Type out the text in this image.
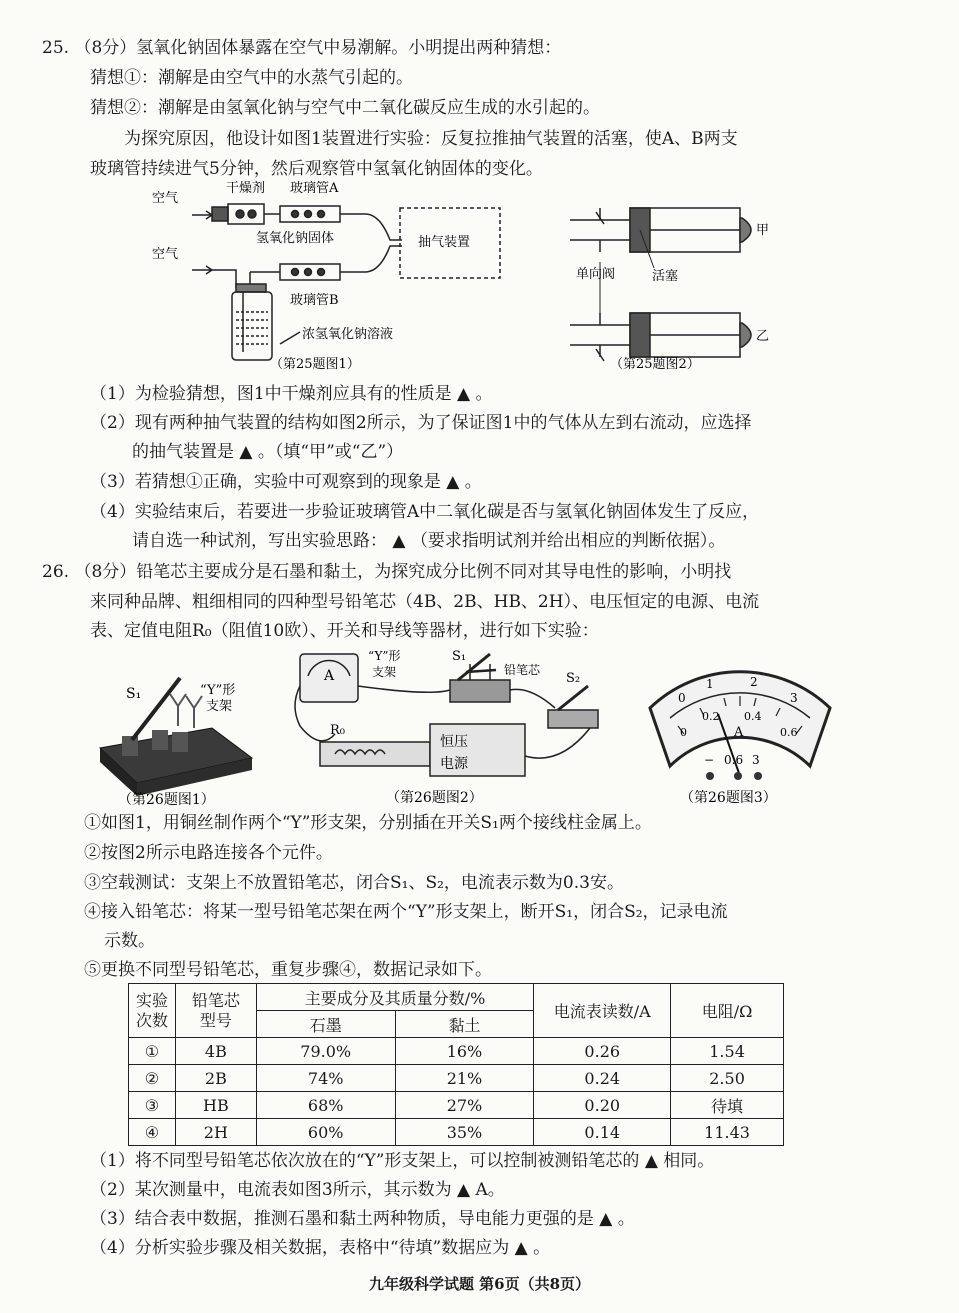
25. （8分）氢氧化钠固体暴露在空气中易潮解。小明提出两种猜想：
猜想①：潮解是由空气中的水蒸气引起的。
猜想②：潮解是由氢氧化钠与空气中二氧化碳反应生成的水引起的。
为探究原因，他设计如图1装置进行实验：反复拉推抽气装置的活塞，使A、B两支
玻璃管持续进气5分钟，然后观察管中氢氧化钠固体的变化。
空气
空气
干燥剂 玻璃管A
氢氧化钠固体	抽气装置
玻璃管B
浓氢氧化钠溶液
（第25题图1）
甲
乙
单向阀	活塞
（第25题图2）
（1）为检验猜想，图1中干燥剂应具有的性质是 ▲ 。
（2）现有两种抽气装置的结构如图2所示，为了保证图1中的气体从左到右流动，应选择
的抽气装置是 ▲ 。（填“甲”或“乙”）
（3）若猜想①正确，实验中可观察到的现象是 ▲ 。
（4）实验结束后，若要进一步验证玻璃管A中二氧化碳是否与氢氧化钠固体发生了反应，
请自选一种试剂，写出实验思路： ▲ （要求指明试剂并给出相应的判断依据）。
26. （8分）铅笔芯主要成分是石墨和黏土，为探究成分比例不同对其导电性的影响，小明找
来同种品牌、粗细相同的四种型号铅笔芯（4B、2B、HB、2H）、电压恒定的电源、电流
表、定值电阻R₀（阻值10欧）、开关和导线等器材，进行如下实验：
S₁	“Y”形
支架
（第26题图1）
A
“Y”形
支架
S₁
铅笔芯
S₂
R₀
恒压
电源
（第26题图2）
0
1	2
3
0
0.2 0.4
0.6
A
− 0.6 3
（第26题图3）
①如图1，用铜丝制作两个“Y”形支架，分别插在开关S₁两个接线柱金属上。
②按图2所示电路连接各个元件。
③空载测试：支架上不放置铅笔芯，闭合S₁、S₂，电流表示数为0.3安。
④接入铅笔芯：将某一型号铅笔芯架在两个“Y”形支架上，断开S₁，闭合S₂，记录电流
示数。
⑤更换不同型号铅笔芯，重复步骤④，数据记录如下。
实验
次数	铅笔芯
型号	主要成分及其质量分数/%		电流表读数/A	电阻/Ω
		石墨	黏土		
①	4B	79.0%	16%	0.26	1.54
②	2B	74%	21%	0.24	2.50
③	HB	68%	27%	0.20	待填
④	2H	60%	35%	0.14	11.43
（1）将不同型号铅笔芯依次放在的“Y”形支架上，可以控制被测铅笔芯的 ▲ 相同。
（2）某次测量中，电流表如图3所示，其示数为 ▲ A。
（3）结合表中数据，推测石墨和黏土两种物质，导电能力更强的是 ▲ 。
（4）分析实验步骤及相关数据，表格中“待填”数据应为 ▲ 。
九年级科学试题 第6页（共8页）
